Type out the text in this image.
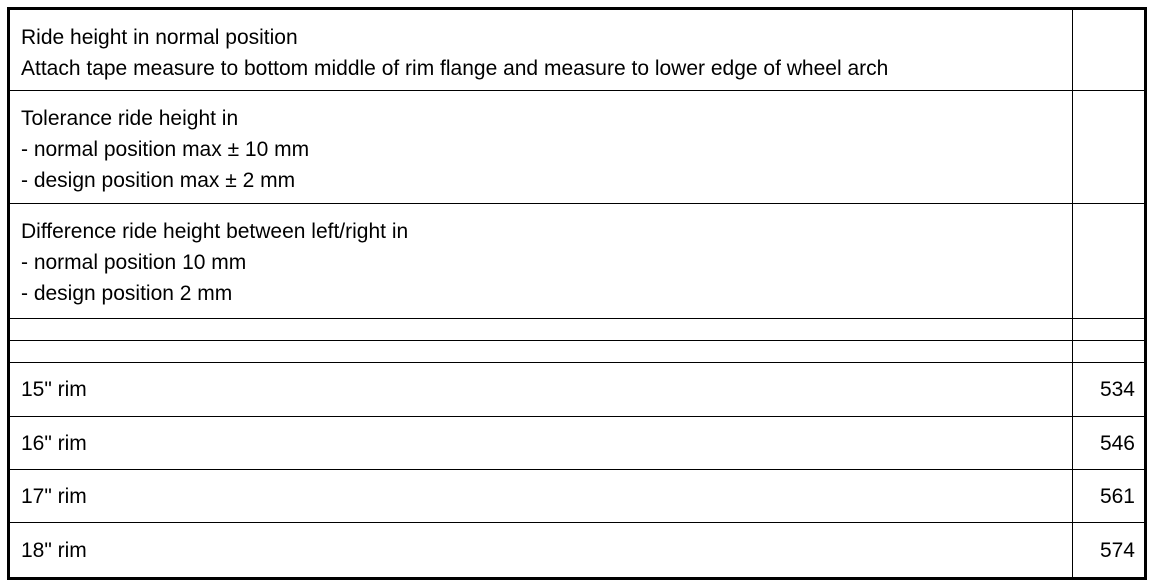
Ride height in normal position
Attach tape measure to bottom middle of rim flange and measure to lower edge of wheel arch	

Tolerance ride height in
- normal position max ± 10 mm
- design position max ± 2 mm	

Difference ride height between left/right in
- normal position 10 mm
- design position 2 mm	

15" rim	534
16" rim	546
17" rim	561
18" rim	574
